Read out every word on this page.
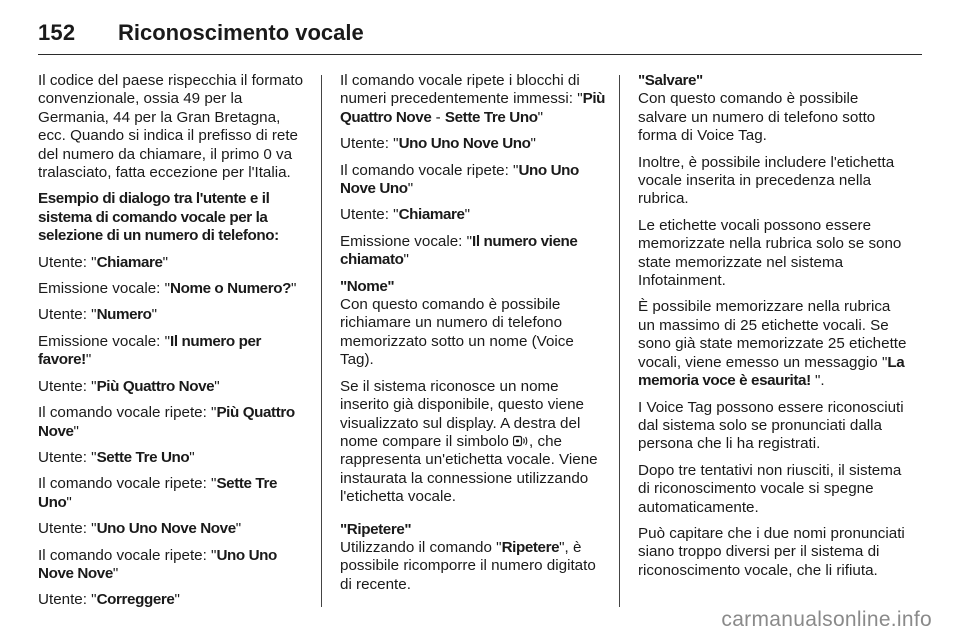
152 Riconoscimento vocale

Il codice del paese rispecchia il formato convenzionale, ossia 49 per la Germania, 44 per la Gran Bretagna, ecc. Quando si indica il prefisso di rete del numero da chiamare, il primo 0 va tralasciato, fatta eccezione per l'Italia.

Esempio di dialogo tra l'utente e il sistema di comando vocale per la selezione di un numero di telefono:

Utente: "Chiamare"

Emissione vocale: "Nome o Numero?"

Utente: "Numero"

Emissione vocale: "Il numero per favore!"

Utente: "Più Quattro Nove"

Il comando vocale ripete: "Più Quattro Nove"

Utente: "Sette Tre Uno"

Il comando vocale ripete: "Sette Tre Uno"

Utente: "Uno Uno Nove Nove"

Il comando vocale ripete: "Uno Uno Nove Nove"

Utente: "Correggere"

Il comando vocale ripete i blocchi di numeri precedentemente immessi: "Più Quattro Nove - Sette Tre Uno"

Utente: "Uno Uno Nove Uno"

Il comando vocale ripete: "Uno Uno Nove Uno"

Utente: "Chiamare"

Emissione vocale: "Il numero viene chiamato"

"Nome"

Con questo comando è possibile richiamare un numero di telefono memorizzato sotto un nome (Voice Tag).

Se il sistema riconosce un nome inserito già disponibile, questo viene visualizzato sul display. A destra del nome compare il simbolo , che rappresenta un'etichetta vocale. Viene instaurata la connessione utilizzando l'etichetta vocale.

"Ripetere"

Utilizzando il comando "Ripetere", è possibile ricomporre il numero digitato di recente.

"Salvare"

Con questo comando è possibile salvare un numero di telefono sotto forma di Voice Tag.

Inoltre, è possibile includere l'etichetta vocale inserita in precedenza nella rubrica.

Le etichette vocali possono essere memorizzate nella rubrica solo se sono state memorizzate nel sistema Infotainment.

È possibile memorizzare nella rubrica un massimo di 25 etichette vocali. Se sono già state memorizzate 25 etichette vocali, viene emesso un messaggio "La memoria voce è esaurita! ".

I Voice Tag possono essere riconosciuti dal sistema solo se pronunciati dalla persona che li ha registrati.

Dopo tre tentativi non riusciti, il sistema di riconoscimento vocale si spegne automaticamente.

Può capitare che i due nomi pronunciati siano troppo diversi per il sistema di riconoscimento vocale, che li rifiuta.

carmanualsonline.info
